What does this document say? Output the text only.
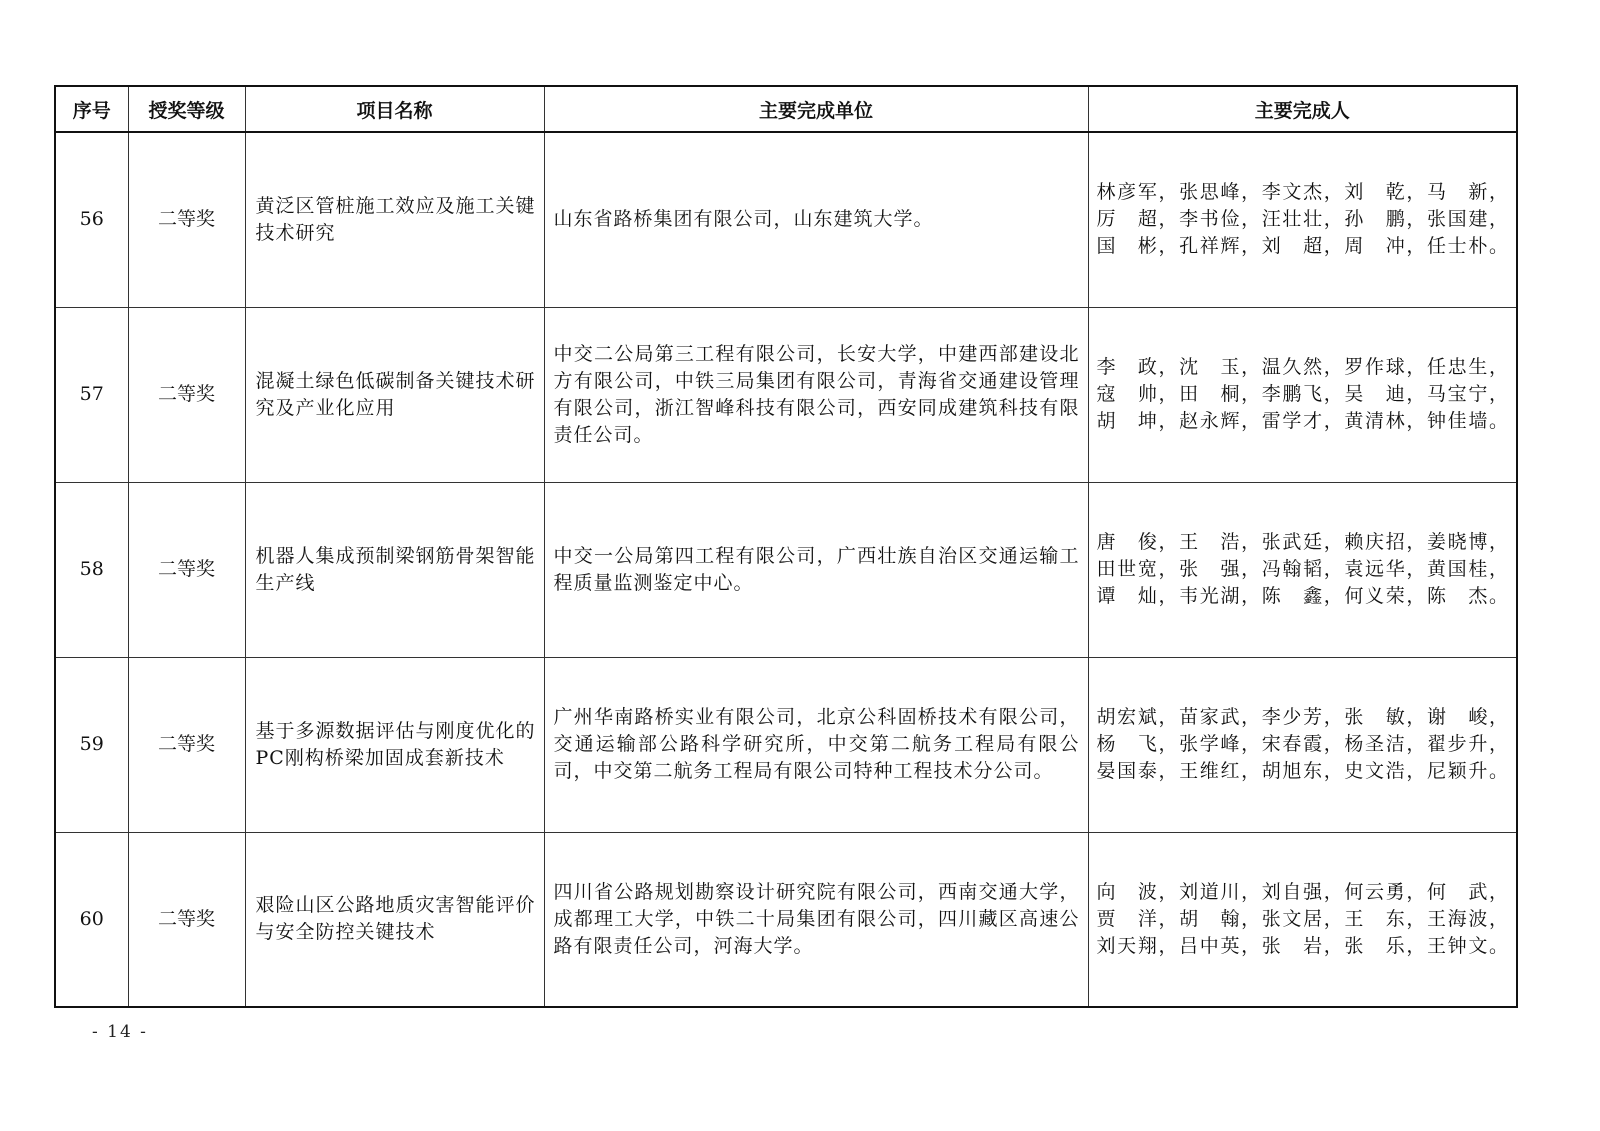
序号	授奖等级	项目名称	主要完成单位	主要完成人
56	二等奖	黄泛区管桩施工效应及施工关键技术研究	山东省路桥集团有限公司，山东建筑大学。	林彦军，张思峰，李文杰，刘　乾，马　新，
厉　超，李书俭，汪壮壮，孙　鹏，张国建，
国　彬，孔祥辉，刘　超，周　冲，任士朴。

57	二等奖	混凝土绿色低碳制备关键技术研究及产业化应用	中交二公局第三工程有限公司，长安大学，中建西部建设北方有限公司，中铁三局集团有限公司，青海省交通建设管理有限公司，浙江智峰科技有限公司，西安同成建筑科技有限责任公司。	李　政，沈　玉，温久然，罗作球，任忠生，
寇　帅，田　桐，李鹏飞，吴　迪，马宝宁，
胡　坤，赵永辉，雷学才，黄清林，钟佳墙。

58	二等奖	机器人集成预制梁钢筋骨架智能生产线	中交一公局第四工程有限公司，广西壮族自治区交通运输工程质量监测鉴定中心。	唐　俊，王　浩，张武廷，赖庆招，姜晓博，
田世宽，张　强，冯翰韬，袁远华，黄国桂，
谭　灿，韦光湖，陈　鑫，何义荣，陈　杰。

59	二等奖	基于多源数据评估与刚度优化的PC刚构桥梁加固成套新技术	广州华南路桥实业有限公司，北京公科固桥技术有限公司，交通运输部公路科学研究所，中交第二航务工程局有限公司，中交第二航务工程局有限公司特种工程技术分公司。	胡宏斌，苗家武，李少芳，张　敏，谢　峻，
杨　飞，张学峰，宋春霞，杨圣洁，翟步升，
晏国泰，王维红，胡旭东，史文浩，尼颖升。

60	二等奖	艰险山区公路地质灾害智能评价与安全防控关键技术	四川省公路规划勘察设计研究院有限公司，西南交通大学，成都理工大学，中铁二十局集团有限公司，四川藏区高速公路有限责任公司，河海大学。	向　波，刘道川，刘自强，何云勇，何　武，
贾　洋，胡　翰，张文居，王　东，王海波，
刘天翔，吕中英，张　岩，张　乐，王钟文。
- 14 -
